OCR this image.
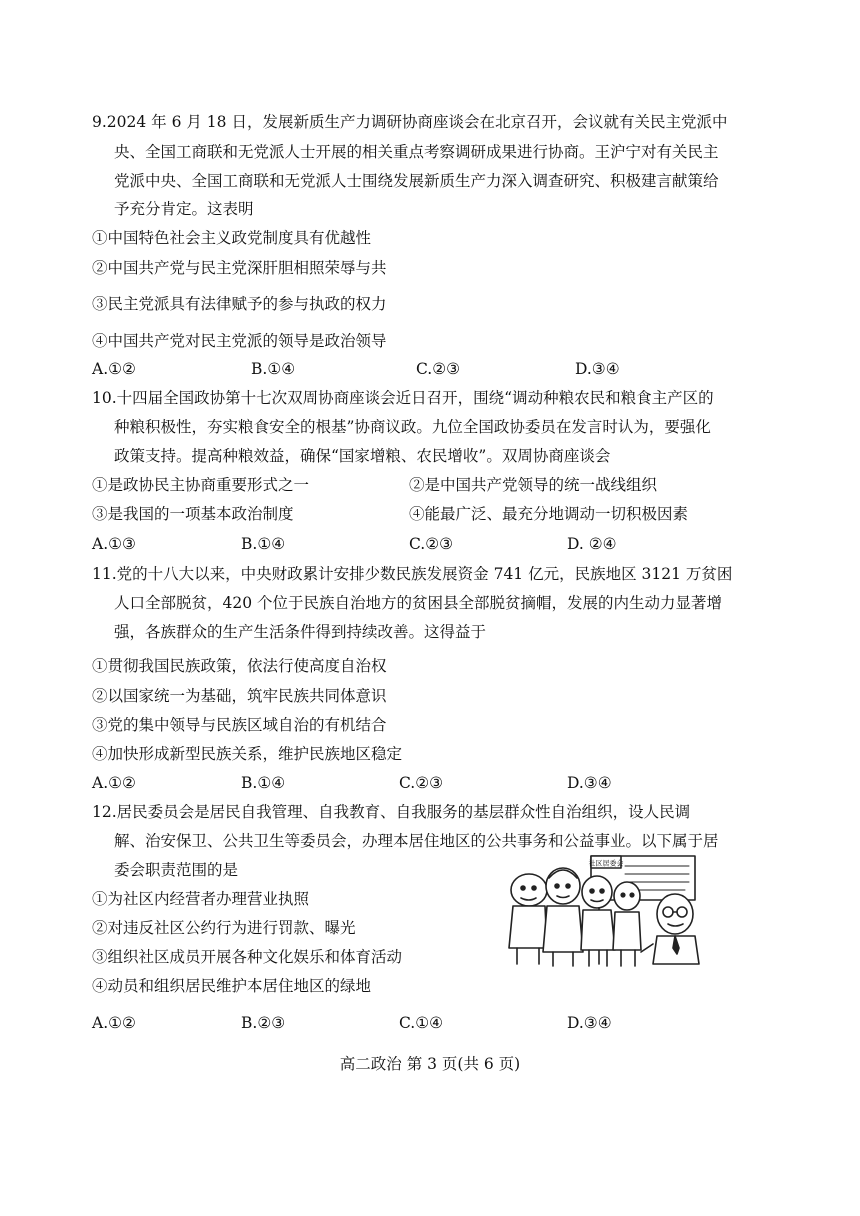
9.2024 年 6 月 18 日，发展新质生产力调研协商座谈会在北京召开，会议就有关民主党派中
央、全国工商联和无党派人士开展的相关重点考察调研成果进行协商。王沪宁对有关民主
党派中央、全国工商联和无党派人士围绕发展新质生产力深入调查研究、积极建言献策给
予充分肯定。这表明
①中国特色社会主义政党制度具有优越性
②中国共产党与民主党深肝胆相照荣辱与共
③民主党派具有法律赋予的参与执政的权力
④中国共产党对民主党派的领导是政治领导
A.①②	B.①④	C.②③	D.③④
10.十四届全国政协第十七次双周协商座谈会近日召开，围绕“调动种粮农民和粮食主产区的
种粮积极性，夯实粮食安全的根基”协商议政。九位全国政协委员在发言时认为，要强化
政策支持。提高种粮效益，确保“国家增粮、农民增收”。双周协商座谈会
①是政协民主协商重要形式之一	②是中国共产党领导的统一战线组织
③是我国的一项基本政治制度	④能最广泛、最充分地调动一切积极因素
A.①③	B.①④	C.②③	D. ②④
11.党的十八大以来，中央财政累计安排少数民族发展资金 741 亿元，民族地区 3121 万贫困
人口全部脱贫，420 个位于民族自治地方的贫困县全部脱贫摘帽，发展的内生动力显著增
强，各族群众的生产生活条件得到持续改善。这得益于
①贯彻我国民族政策，依法行使高度自治权
②以国家统一为基础，筑牢民族共同体意识
③党的集中领导与民族区域自治的有机结合
④加快形成新型民族关系，维护民族地区稳定
A.①②	B.①④	C.②③	D.③④
12.居民委员会是居民自我管理、自我教育、自我服务的基层群众性自治组织，设人民调
解、治安保卫、公共卫生等委员会，办理本居住地区的公共事务和公益事业。以下属于居
委会职责范围的是
①为社区内经营者办理营业执照
②对违反社区公约行为进行罚款、曝光
③组织社区成员开展各种文化娱乐和体育活动
④动员和组织居民维护本居住地区的绿地
A.①②	B.②③	C.①④	D.③④
社区居委会
高二政治 第 3 页(共 6 页)
